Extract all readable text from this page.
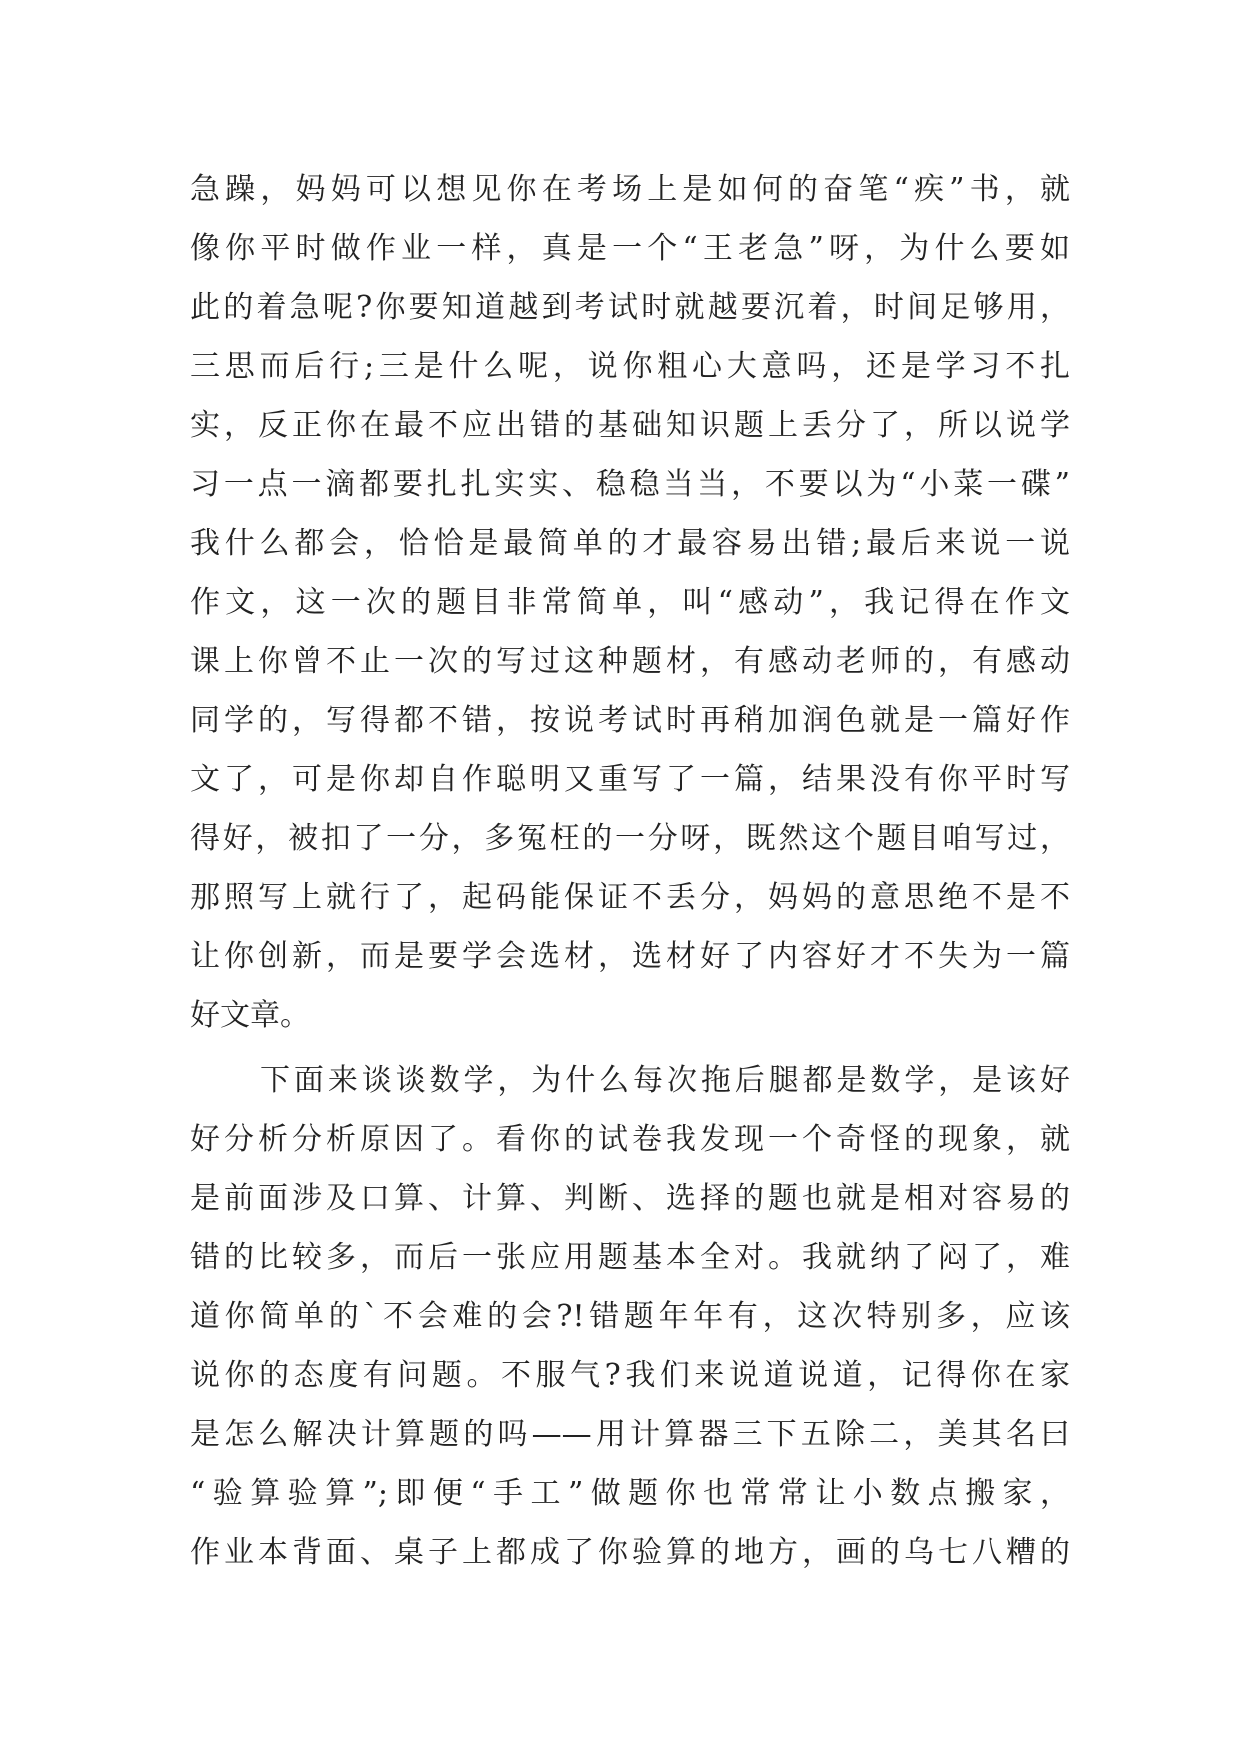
急躁，妈妈可以想见你在考场上是如何的奋笔“疾”书，就
像你平时做作业一样，真是一个“王老急”呀，为什么要如
此的着急呢?你要知道越到考试时就越要沉着，时间足够用，
三思而后行;三是什么呢，说你粗心大意吗，还是学习不扎
实，反正你在最不应出错的基础知识题上丢分了，所以说学
习一点一滴都要扎扎实实、稳稳当当，不要以为“小菜一碟”
我什么都会，恰恰是最简单的才最容易出错;最后来说一说
作文，这一次的题目非常简单，叫“感动”，我记得在作文
课上你曾不止一次的写过这种题材，有感动老师的，有感动
同学的，写得都不错，按说考试时再稍加润色就是一篇好作
文了，可是你却自作聪明又重写了一篇，结果没有你平时写
得好，被扣了一分，多冤枉的一分呀，既然这个题目咱写过，
那照写上就行了，起码能保证不丢分，妈妈的意思绝不是不
让你创新，而是要学会选材，选材好了内容好才不失为一篇
好文章。
下面来谈谈数学，为什么每次拖后腿都是数学，是该好
好分析分析原因了。看你的试卷我发现一个奇怪的现象，就
是前面涉及口算、计算、判断、选择的题也就是相对容易的
错的比较多，而后一张应用题基本全对。我就纳了闷了，难
道你简单的`不会难的会?!错题年年有，这次特别多，应该
说你的态度有问题。不服气?我们来说道说道，记得你在家
是怎么解决计算题的吗——用计算器三下五除二，美其名曰
“验算验算”;即便“手工”做题你也常常让小数点搬家，
作业本背面、桌子上都成了你验算的地方，画的乌七八糟的
